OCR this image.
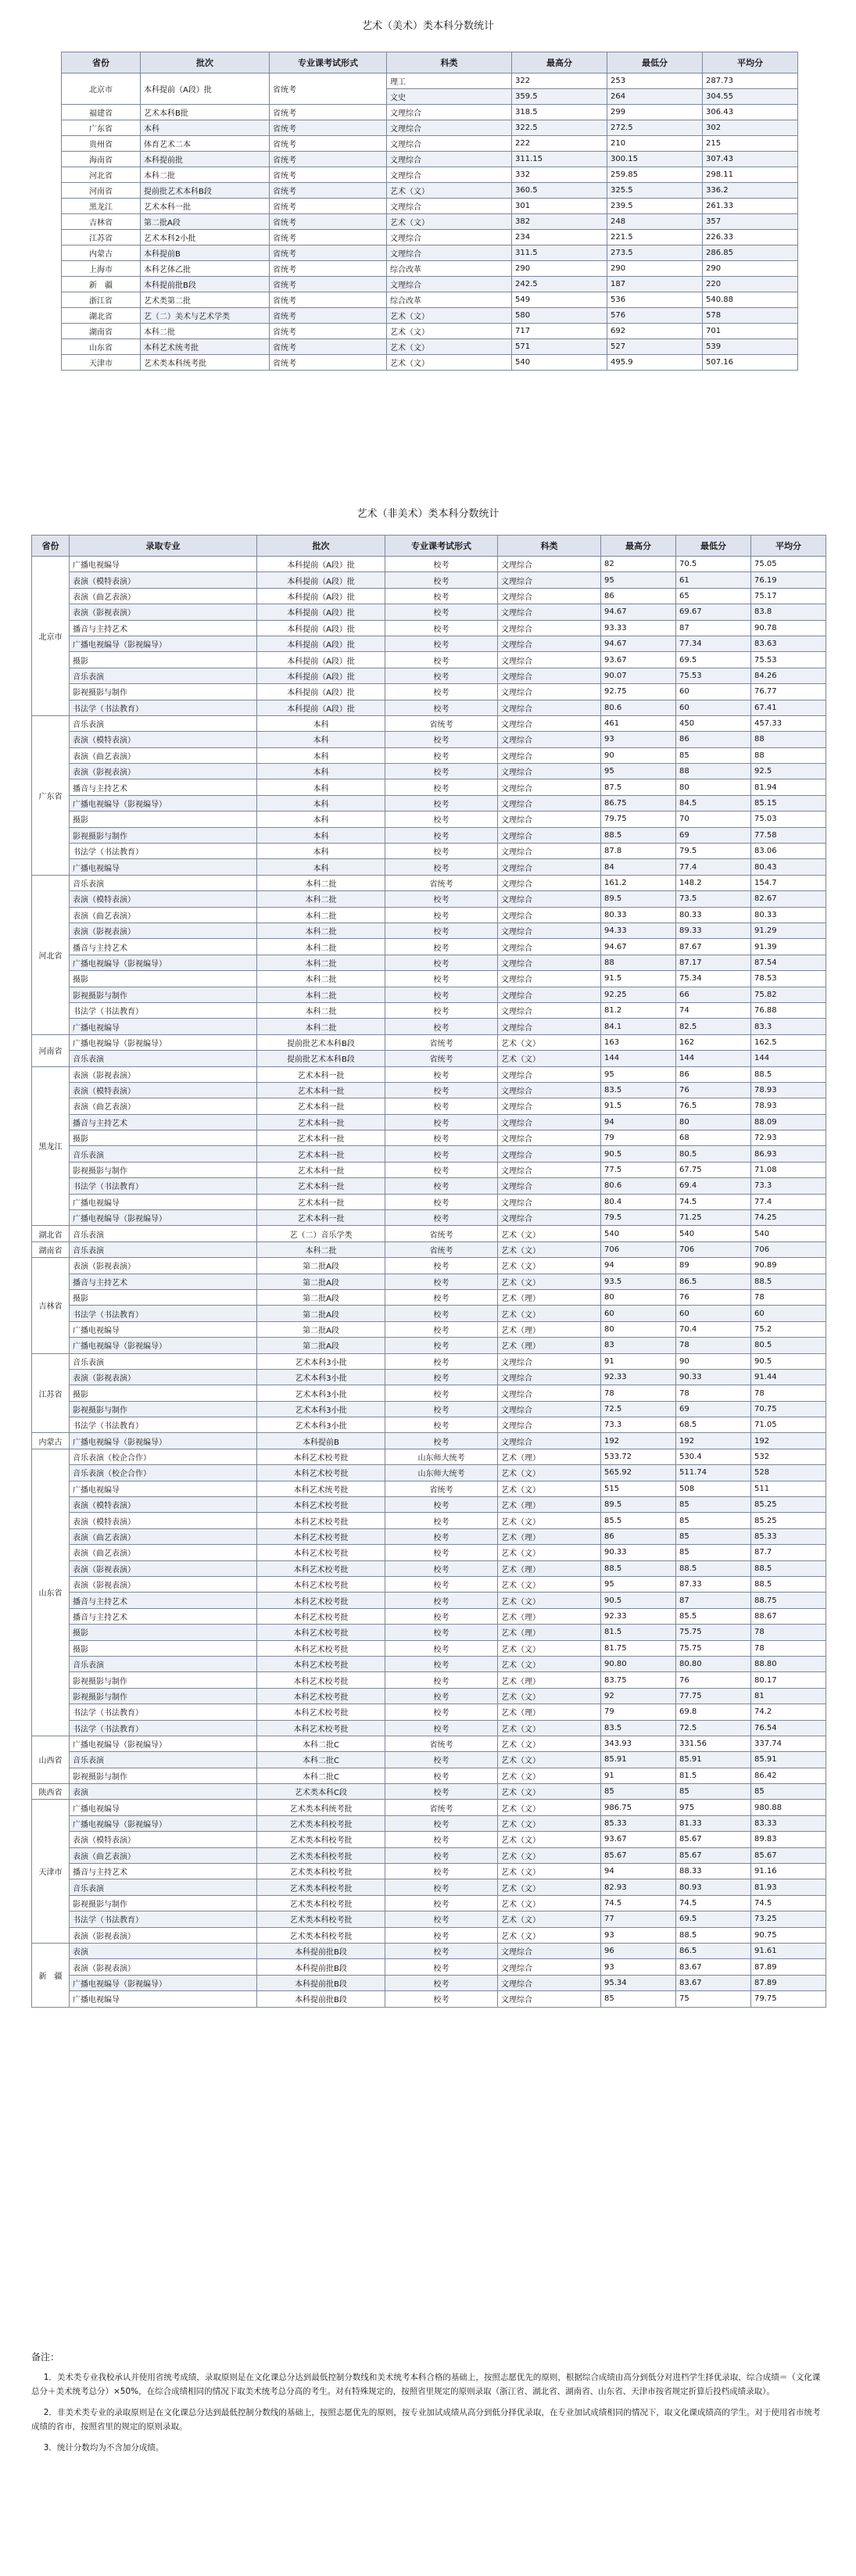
艺术（美术）类本科分数统计
省份	批次	专业课考试形式	科类	最高分	最低分	平均分
北京市	本科提前（A段）批	省统考	理工	322	253	287.73
			文史	359.5	264	304.55
福建省	艺术本科B批	省统考	文理综合	318.5	299	306.43
广东省	本科	省统考	文理综合	322.5	272.5	302
贵州省	体育艺术二本	省统考	文理综合	222	210	215
海南省	本科提前批	省统考	文理综合	311.15	300.15	307.43
河北省	本科二批	省统考	文理综合	332	259.85	298.11
河南省	提前批艺术本科B段	省统考	艺术（文）	360.5	325.5	336.2
黑龙江	艺术本科一批	省统考	文理综合	301	239.5	261.33
吉林省	第二批A段	省统考	艺术（文）	382	248	357
江苏省	艺术本科2小批	省统考	文理综合	234	221.5	226.33
内蒙古	本科提前B	省统考	文理综合	311.5	273.5	286.85
上海市	本科艺体乙批	省统考	综合改革	290	290	290
新　疆	本科提前批B段	省统考	文理综合	242.5	187	220
浙江省	艺术类第二批	省统考	综合改革	549	536	540.88
湖北省	艺（二）美术与艺术学类	省统考	艺术（文）	580	576	578
湖南省	本科二批	省统考	艺术（文）	717	692	701
山东省	本科艺术统考批	省统考	艺术（文）	571	527	539
天津市	艺术类本科统考批	省统考	艺术（文）	540	495.9	507.16
艺术（非美术）类本科分数统计
省份	录取专业	批次	专业课考试形式	科类	最高分	最低分	平均分
北京市	广播电视编导	本科提前（A段）批	校考	文理综合	82	70.5	75.05
	表演（模特表演）	本科提前（A段）批	校考	文理综合	95	61	76.19
	表演（曲艺表演）	本科提前（A段）批	校考	文理综合	86	65	75.17
	表演（影视表演）	本科提前（A段）批	校考	文理综合	94.67	69.67	83.8
	播音与主持艺术	本科提前（A段）批	校考	文理综合	93.33	87	90.78
	广播电视编导（影视编导）	本科提前（A段）批	校考	文理综合	94.67	77.34	83.63
	摄影	本科提前（A段）批	校考	文理综合	93.67	69.5	75.53
	音乐表演	本科提前（A段）批	校考	文理综合	90.07	75.53	84.26
	影视摄影与制作	本科提前（A段）批	校考	文理综合	92.75	60	76.77
	书法学（书法教育）	本科提前（A段）批	校考	文理综合	80.6	60	67.41
广东省	音乐表演	本科	省统考	文理综合	461	450	457.33
	表演（模特表演）	本科	校考	文理综合	93	86	88
	表演（曲艺表演）	本科	校考	文理综合	90	85	88
	表演（影视表演）	本科	校考	文理综合	95	88	92.5
	播音与主持艺术	本科	校考	文理综合	87.5	80	81.94
	广播电视编导（影视编导）	本科	校考	文理综合	86.75	84.5	85.15
	摄影	本科	校考	文理综合	79.75	70	75.03
	影视摄影与制作	本科	校考	文理综合	88.5	69	77.58
	书法学（书法教育）	本科	校考	文理综合	87.8	79.5	83.06
	广播电视编导	本科	校考	文理综合	84	77.4	80.43
河北省	音乐表演	本科二批	省统考	文理综合	161.2	148.2	154.7
	表演（模特表演）	本科二批	校考	文理综合	89.5	73.5	82.67
	表演（曲艺表演）	本科二批	校考	文理综合	80.33	80.33	80.33
	表演（影视表演）	本科二批	校考	文理综合	94.33	89.33	91.29
	播音与主持艺术	本科二批	校考	文理综合	94.67	87.67	91.39
	广播电视编导（影视编导）	本科二批	校考	文理综合	88	87.17	87.54
	摄影	本科二批	校考	文理综合	91.5	75.34	78.53
	影视摄影与制作	本科二批	校考	文理综合	92.25	66	75.82
	书法学（书法教育）	本科二批	校考	文理综合	81.2	74	76.88
	广播电视编导	本科二批	校考	文理综合	84.1	82.5	83.3
河南省	广播电视编导（影视编导）	提前批艺术本科B段	省统考	艺术（文）	163	162	162.5
	音乐表演	提前批艺术本科B段	省统考	艺术（文）	144	144	144
黑龙江	表演（影视表演）	艺术本科一批	校考	文理综合	95	86	88.5
	表演（模特表演）	艺术本科一批	校考	文理综合	83.5	76	78.93
	表演（曲艺表演）	艺术本科一批	校考	文理综合	91.5	76.5	78.93
	播音与主持艺术	艺术本科一批	校考	文理综合	94	80	88.09
	摄影	艺术本科一批	校考	文理综合	79	68	72.93
	音乐表演	艺术本科一批	校考	文理综合	90.5	80.5	86.93
	影视摄影与制作	艺术本科一批	校考	文理综合	77.5	67.75	71.08
	书法学（书法教育）	艺术本科一批	校考	文理综合	80.6	69.4	73.3
	广播电视编导	艺术本科一批	校考	文理综合	80.4	74.5	77.4
	广播电视编导（影视编导）	艺术本科一批	校考	文理综合	79.5	71.25	74.25
湖北省	音乐表演	艺（二）音乐学类	省统考	艺术（文）	540	540	540
湖南省	音乐表演	本科二批	省统考	艺术（文）	706	706	706
吉林省	表演（影视表演）	第二批A段	校考	艺术（文）	94	89	90.89
	播音与主持艺术	第二批A段	校考	艺术（文）	93.5	86.5	88.5
	摄影	第二批A段	校考	艺术（理）	80	76	78
	书法学（书法教育）	第二批A段	校考	艺术（文）	60	60	60
	广播电视编导	第二批A段	校考	艺术（理）	80	70.4	75.2
	广播电视编导（影视编导）	第二批A段	校考	艺术（理）	83	78	80.5
江苏省	音乐表演	艺术本科3小批	校考	文理综合	91	90	90.5
	表演（影视表演）	艺术本科3小批	校考	文理综合	92.33	90.33	91.44
	摄影	艺术本科3小批	校考	文理综合	78	78	78
	影视摄影与制作	艺术本科3小批	校考	文理综合	72.5	69	70.75
	书法学（书法教育）	艺术本科3小批	校考	文理综合	73.3	68.5	71.05
内蒙古	广播电视编导（影视编导）	本科提前B	校考	文理综合	192	192	192
山东省	音乐表演（校企合作）	本科艺术校考批	山东师大统考	艺术（理）	533.72	530.4	532
	音乐表演（校企合作）	本科艺术校考批	山东师大统考	艺术（文）	565.92	511.74	528
	广播电视编导	本科艺术统考批	省统考	艺术（文）	515	508	511
	表演（模特表演）	本科艺术校考批	校考	艺术（理）	89.5	85	85.25
	表演（模特表演）	本科艺术校考批	校考	艺术（文）	85.5	85	85.25
	表演（曲艺表演）	本科艺术校考批	校考	艺术（理）	86	85	85.33
	表演（曲艺表演）	本科艺术校考批	校考	艺术（文）	90.33	85	87.7
	表演（影视表演）	本科艺术校考批	校考	艺术（理）	88.5	88.5	88.5
	表演（影视表演）	本科艺术校考批	校考	艺术（文）	95	87.33	88.5
	播音与主持艺术	本科艺术校考批	校考	艺术（文）	90.5	87	88.75
	播音与主持艺术	本科艺术校考批	校考	艺术（理）	92.33	85.5	88.67
	摄影	本科艺术校考批	校考	艺术（理）	81.5	75.75	78
	摄影	本科艺术校考批	校考	艺术（文）	81.75	75.75	78
	音乐表演	本科艺术校考批	校考	艺术（文）	90.80	80.80	88.80
	影视摄影与制作	本科艺术校考批	校考	艺术（理）	83.75	76	80.17
	影视摄影与制作	本科艺术校考批	校考	艺术（文）	92	77.75	81
	书法学（书法教育）	本科艺术校考批	校考	艺术（理）	79	69.8	74.2
	书法学（书法教育）	本科艺术校考批	校考	艺术（文）	83.5	72.5	76.54
山西省	广播电视编导（影视编导）	本科二批C	省统考	艺术（文）	343.93	331.56	337.74
	音乐表演	本科二批C	校考	艺术（文）	85.91	85.91	85.91
	影视摄影与制作	本科二批C	校考	艺术（文）	91	81.5	86.42
陕西省	表演	艺术类本科C段	校考	艺术（文）	85	85	85
天津市	广播电视编导	艺术类本科统考批	省统考	艺术（文）	986.75	975	980.88
	广播电视编导（影视编导）	艺术类本科校考批	校考	艺术（文）	85.33	81.33	83.33
	表演（模特表演）	艺术类本科校考批	校考	艺术（文）	93.67	85.67	89.83
	表演（曲艺表演）	艺术类本科校考批	校考	艺术（文）	85.67	85.67	85.67
	播音与主持艺术	艺术类本科校考批	校考	艺术（文）	94	88.33	91.16
	音乐表演	艺术类本科校考批	校考	艺术（文）	82.93	80.93	81.93
	影视摄影与制作	艺术类本科校考批	校考	艺术（文）	74.5	74.5	74.5
	书法学（书法教育）	艺术类本科校考批	校考	艺术（文）	77	69.5	73.25
	表演（影视表演）	艺术类本科校考批	校考	艺术（文）	93	88.5	90.75
新　疆	表演	本科提前批B段	校考	文理综合	96	86.5	91.61
	表演（影视表演）	本科提前批B段	校考	文理综合	93	83.67	87.89
	广播电视编导（影视编导）	本科提前批B段	校考	文理综合	95.34	83.67	87.89
	广播电视编导	本科提前批B段	校考	文理综合	85	75	79.75
备注：

1．美术类专业我校承认并使用省统考成绩，录取原则是在文化课总分达到最低控制分数线和美术统考本科合格的基础上，按照志愿优先的原则，根据综合成绩由高分到低分对进档学生择优录取，综合成绩＝（文化课总分＋美术统考总分）×50%，在综合成绩相同的情况下取美术统考总分高的考生。对有特殊规定的，按照省里规定的原则录取（浙江省、湖北省、湖南省、山东省、天津市按省规定折算后投档成绩录取）。

2．非美术类专业的录取原则是在文化课总分达到最低控制分数线的基础上，按照志愿优先的原则，按专业加试成绩从高分到低分择优录取，在专业加试成绩相同的情况下，取文化课成绩高的学生。对于使用省市统考成绩的省市，按照省里的规定的原则录取。

3．统计分数均为不含加分成绩。
